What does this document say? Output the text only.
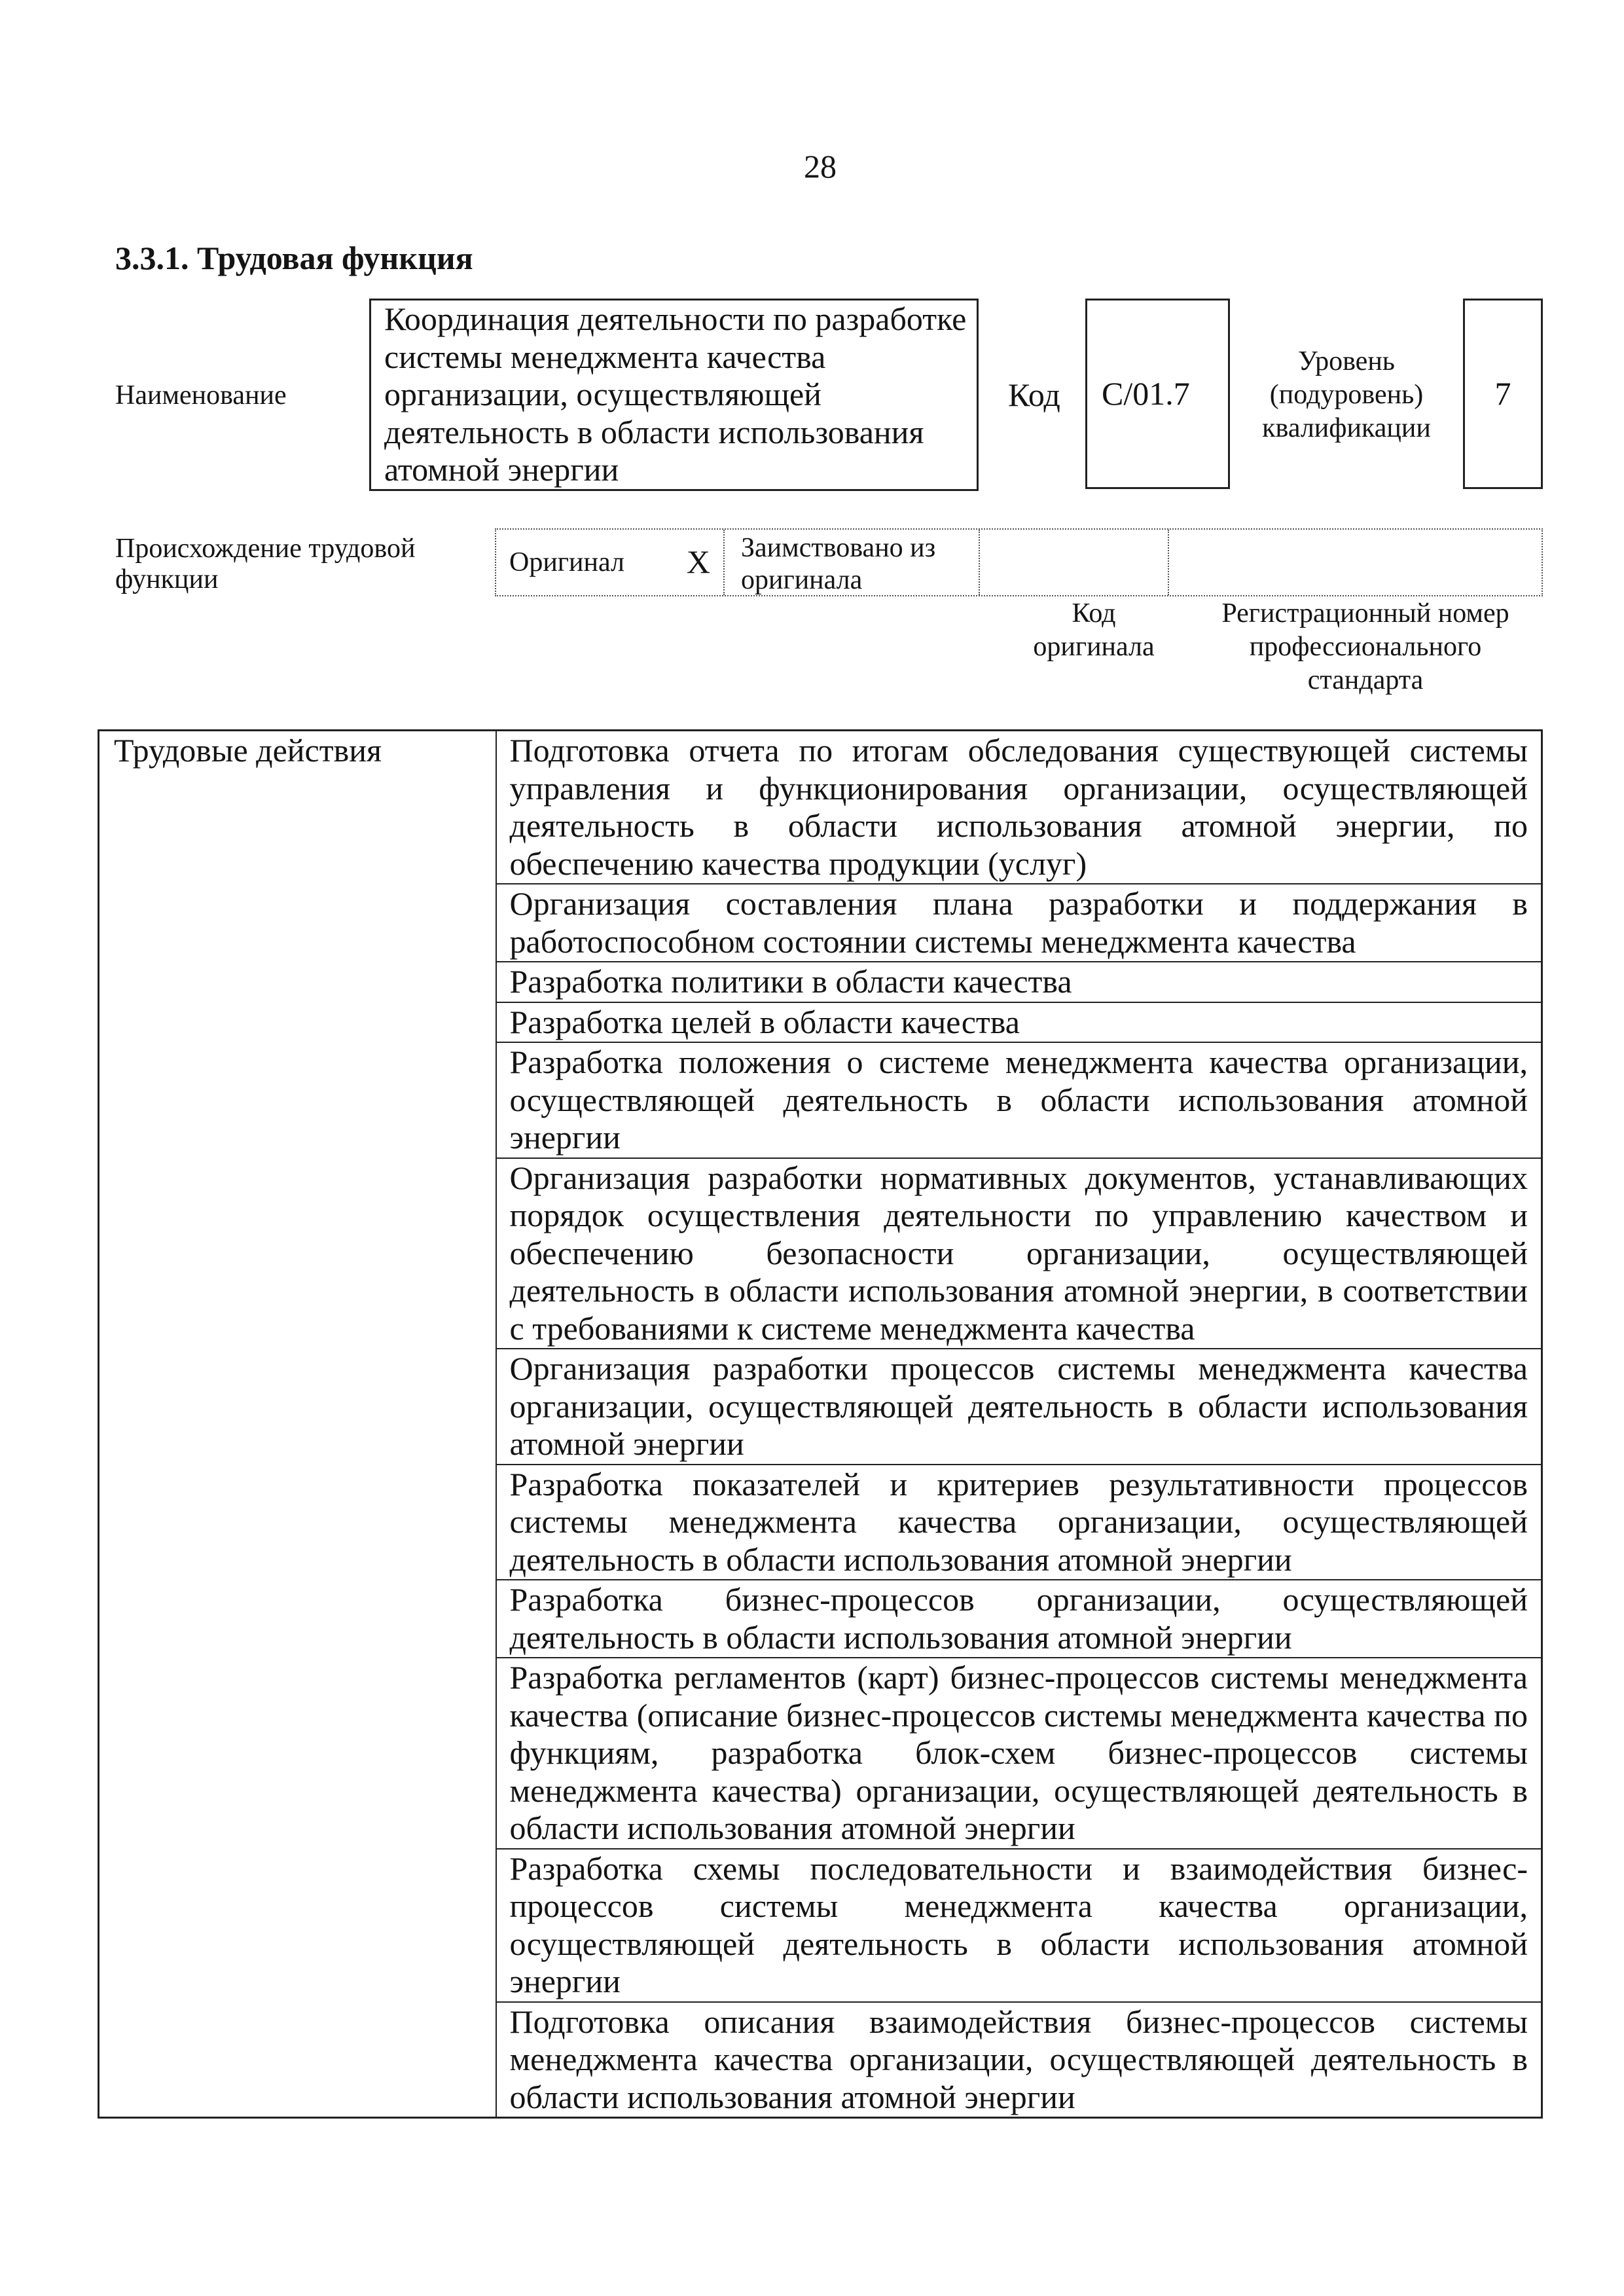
28
3.3.1. Трудовая функция
Наименование
Координация деятельности по разработке системы менеджмента качества организации, осуществляющей деятельность в области использования атомной энергии
Код C/01.7
Уровень (подуровень) квалификации
7
Происхождение трудовой функции
Оригинал X	Заимствовано из оригинала
Код оригинала
Регистрационный номер профессионального стандарта
Трудовые действия	Подготовка отчета по итогам обследования существующей системы управления и функционирования организации, осуществляющей деятельность в области использования атомной энергии, по обеспечению качества продукции (услуг)
Организация составления плана разработки и поддержания в работоспособном состоянии системы менеджмента качества
Разработка политики в области качества
Разработка целей в области качества
Разработка положения о системе менеджмента качества организации, осуществляющей деятельность в области использования атомной энергии
Организация разработки нормативных документов, устанавливающих порядок осуществления деятельности по управлению качеством и обеспечению безопасности организации, осуществляющей деятельность в области использования атомной энергии, в соответствии с требованиями к системе менеджмента качества
Организация разработки процессов системы менеджмента качества организации, осуществляющей деятельность в области использования атомной энергии
Разработка показателей и критериев результативности процессов системы менеджмента качества организации, осуществляющей деятельность в области использования атомной энергии
Разработка бизнес-процессов организации, осуществляющей деятельность в области использования атомной энергии
Разработка регламентов (карт) бизнес-процессов системы менеджмента качества (описание бизнес-процессов системы менеджмента качества по функциям, разработка блок-схем бизнес-процессов системы менеджмента качества) организации, осуществляющей деятельность в области использования атомной энергии
Разработка схемы последовательности и взаимодействия бизнес-процессов системы менеджмента качества организации, осуществляющей деятельность в области использования атомной энергии
Подготовка описания взаимодействия бизнес-процессов системы менеджмента качества организации, осуществляющей деятельность в области использования атомной энергии
